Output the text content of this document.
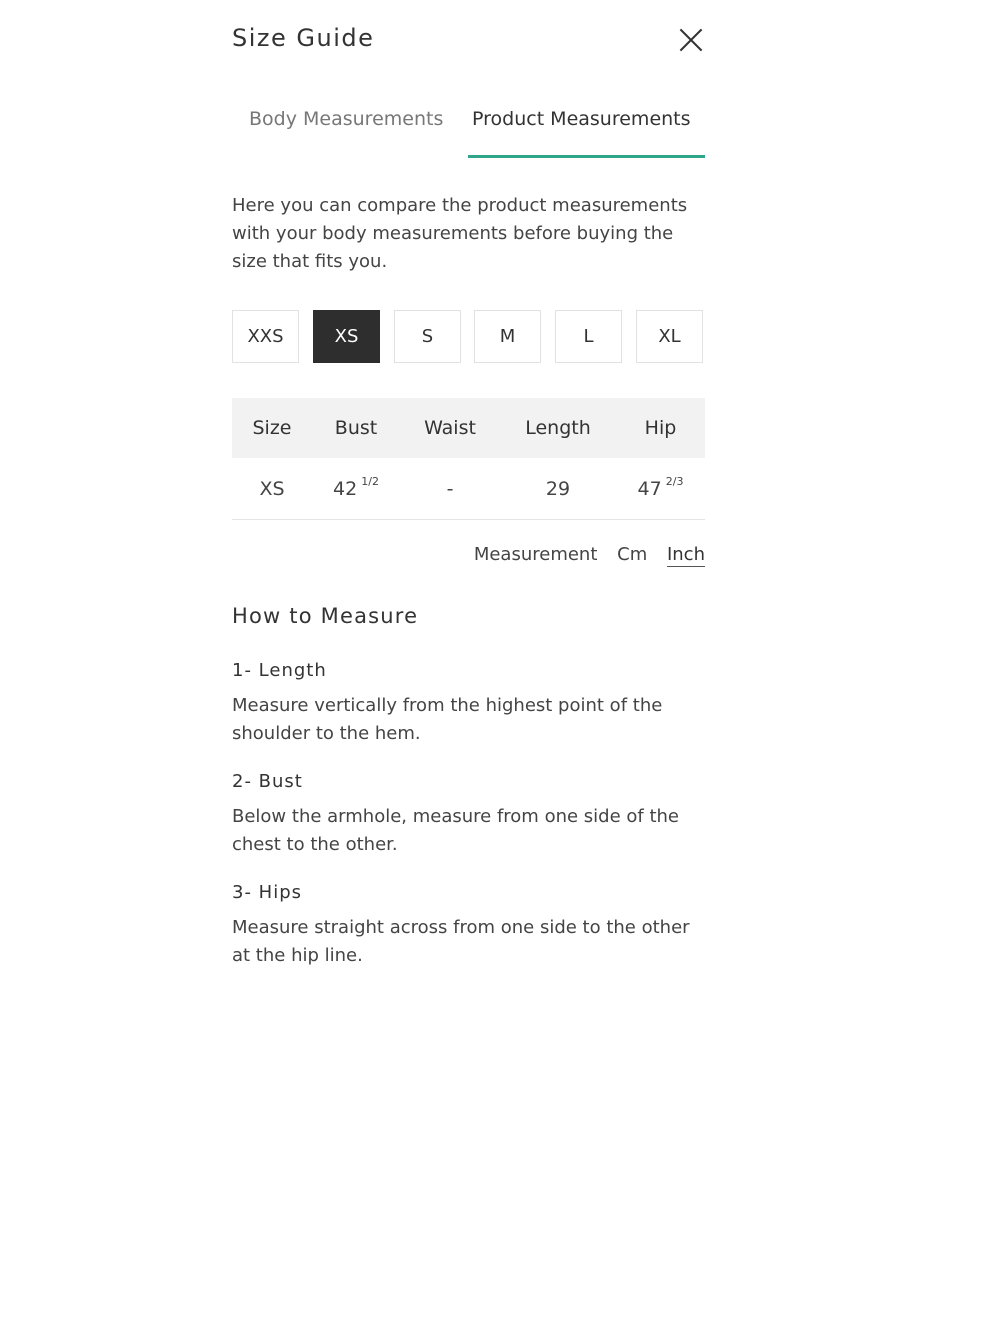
Size Guide
Body Measurements Product Measurements
Here you can compare the product measurements with your body measurements before buying the size that fits you.
XXS	XS	S	M	L	XL
Size	Bust	Waist	Length	Hip
XS	42 1/2	-	29	47 2/3
Measurement Cm Inch
How to Measure
1- Length
Measure vertically from the highest point of the shoulder to the hem.
2- Bust
Below the armhole, measure from one side of the chest to the other.
3- Hips
Measure straight across from one side to the other at the hip line.
